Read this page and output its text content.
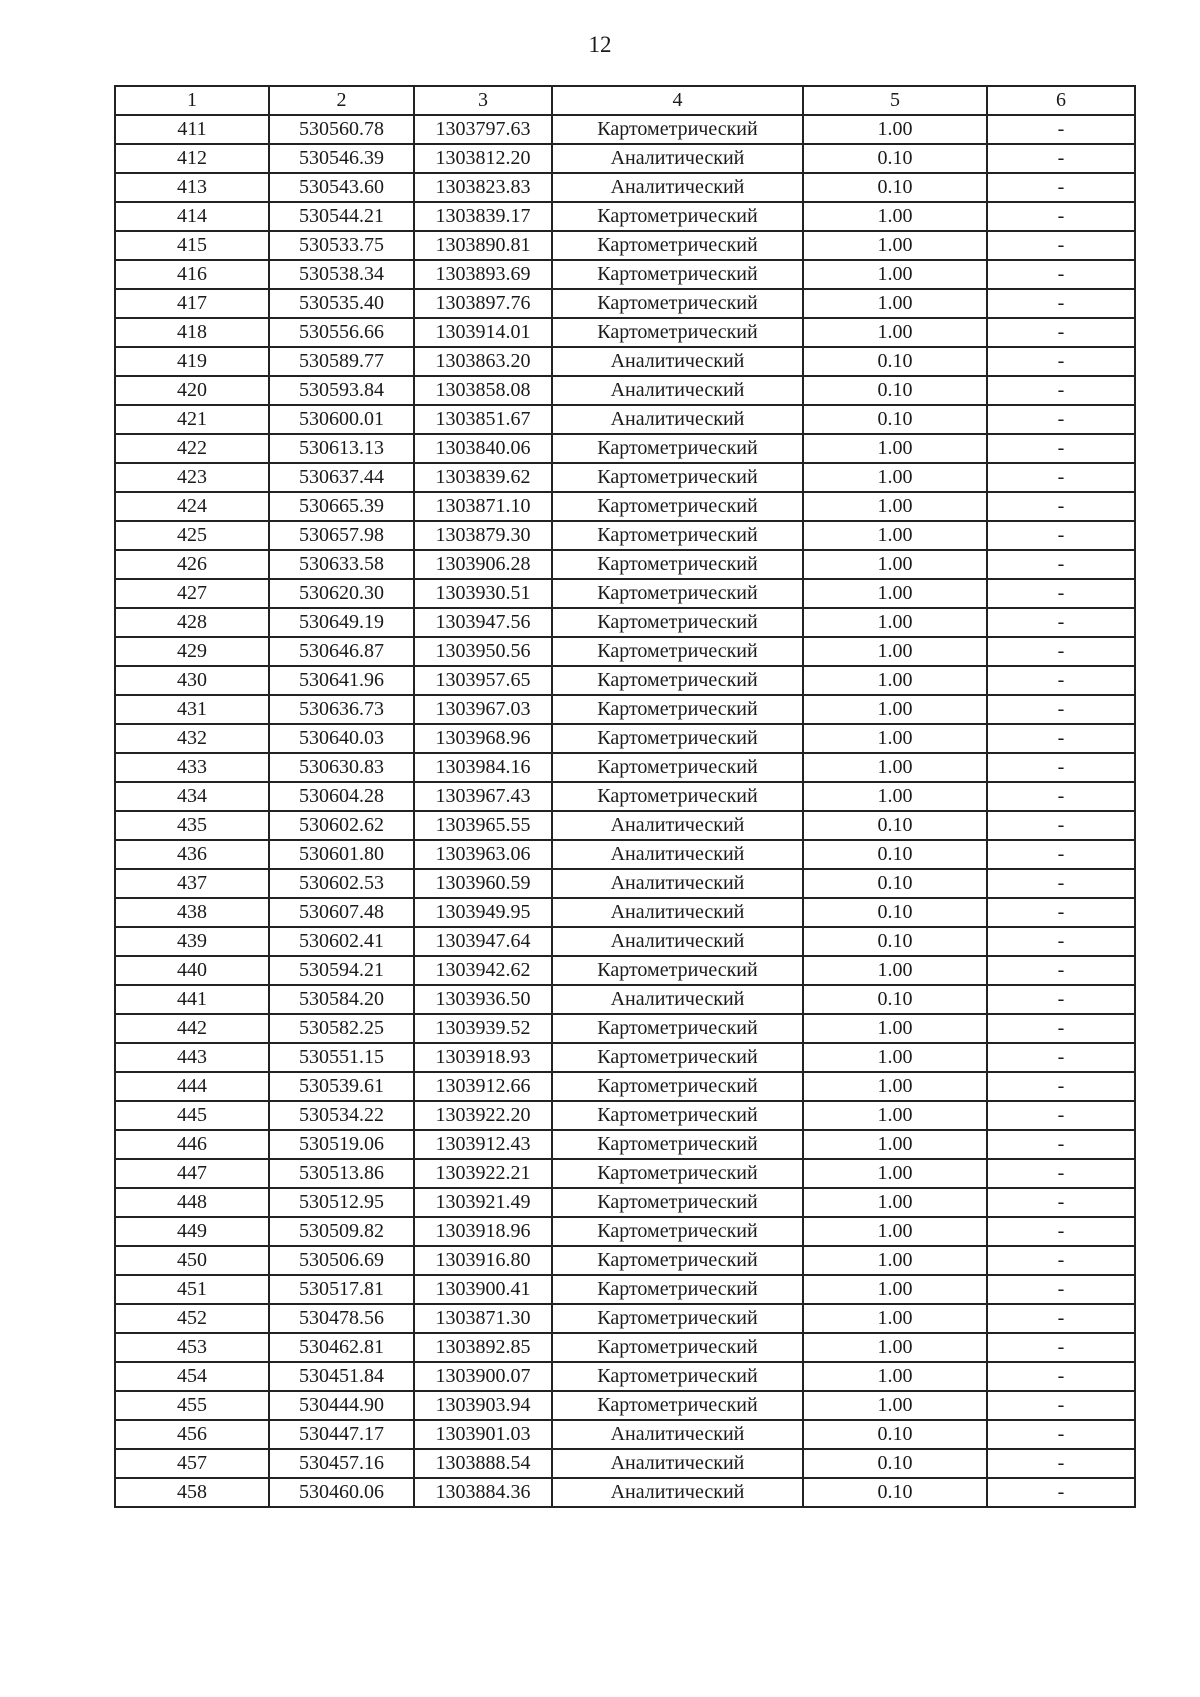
12
1	2	3	4	5	6
411	530560.78	1303797.63	Картометрический	1.00	-
412	530546.39	1303812.20	Аналитический	0.10	-
413	530543.60	1303823.83	Аналитический	0.10	-
414	530544.21	1303839.17	Картометрический	1.00	-
415	530533.75	1303890.81	Картометрический	1.00	-
416	530538.34	1303893.69	Картометрический	1.00	-
417	530535.40	1303897.76	Картометрический	1.00	-
418	530556.66	1303914.01	Картометрический	1.00	-
419	530589.77	1303863.20	Аналитический	0.10	-
420	530593.84	1303858.08	Аналитический	0.10	-
421	530600.01	1303851.67	Аналитический	0.10	-
422	530613.13	1303840.06	Картометрический	1.00	-
423	530637.44	1303839.62	Картометрический	1.00	-
424	530665.39	1303871.10	Картометрический	1.00	-
425	530657.98	1303879.30	Картометрический	1.00	-
426	530633.58	1303906.28	Картометрический	1.00	-
427	530620.30	1303930.51	Картометрический	1.00	-
428	530649.19	1303947.56	Картометрический	1.00	-
429	530646.87	1303950.56	Картометрический	1.00	-
430	530641.96	1303957.65	Картометрический	1.00	-
431	530636.73	1303967.03	Картометрический	1.00	-
432	530640.03	1303968.96	Картометрический	1.00	-
433	530630.83	1303984.16	Картометрический	1.00	-
434	530604.28	1303967.43	Картометрический	1.00	-
435	530602.62	1303965.55	Аналитический	0.10	-
436	530601.80	1303963.06	Аналитический	0.10	-
437	530602.53	1303960.59	Аналитический	0.10	-
438	530607.48	1303949.95	Аналитический	0.10	-
439	530602.41	1303947.64	Аналитический	0.10	-
440	530594.21	1303942.62	Картометрический	1.00	-
441	530584.20	1303936.50	Аналитический	0.10	-
442	530582.25	1303939.52	Картометрический	1.00	-
443	530551.15	1303918.93	Картометрический	1.00	-
444	530539.61	1303912.66	Картометрический	1.00	-
445	530534.22	1303922.20	Картометрический	1.00	-
446	530519.06	1303912.43	Картометрический	1.00	-
447	530513.86	1303922.21	Картометрический	1.00	-
448	530512.95	1303921.49	Картометрический	1.00	-
449	530509.82	1303918.96	Картометрический	1.00	-
450	530506.69	1303916.80	Картометрический	1.00	-
451	530517.81	1303900.41	Картометрический	1.00	-
452	530478.56	1303871.30	Картометрический	1.00	-
453	530462.81	1303892.85	Картометрический	1.00	-
454	530451.84	1303900.07	Картометрический	1.00	-
455	530444.90	1303903.94	Картометрический	1.00	-
456	530447.17	1303901.03	Аналитический	0.10	-
457	530457.16	1303888.54	Аналитический	0.10	-
458	530460.06	1303884.36	Аналитический	0.10	-
